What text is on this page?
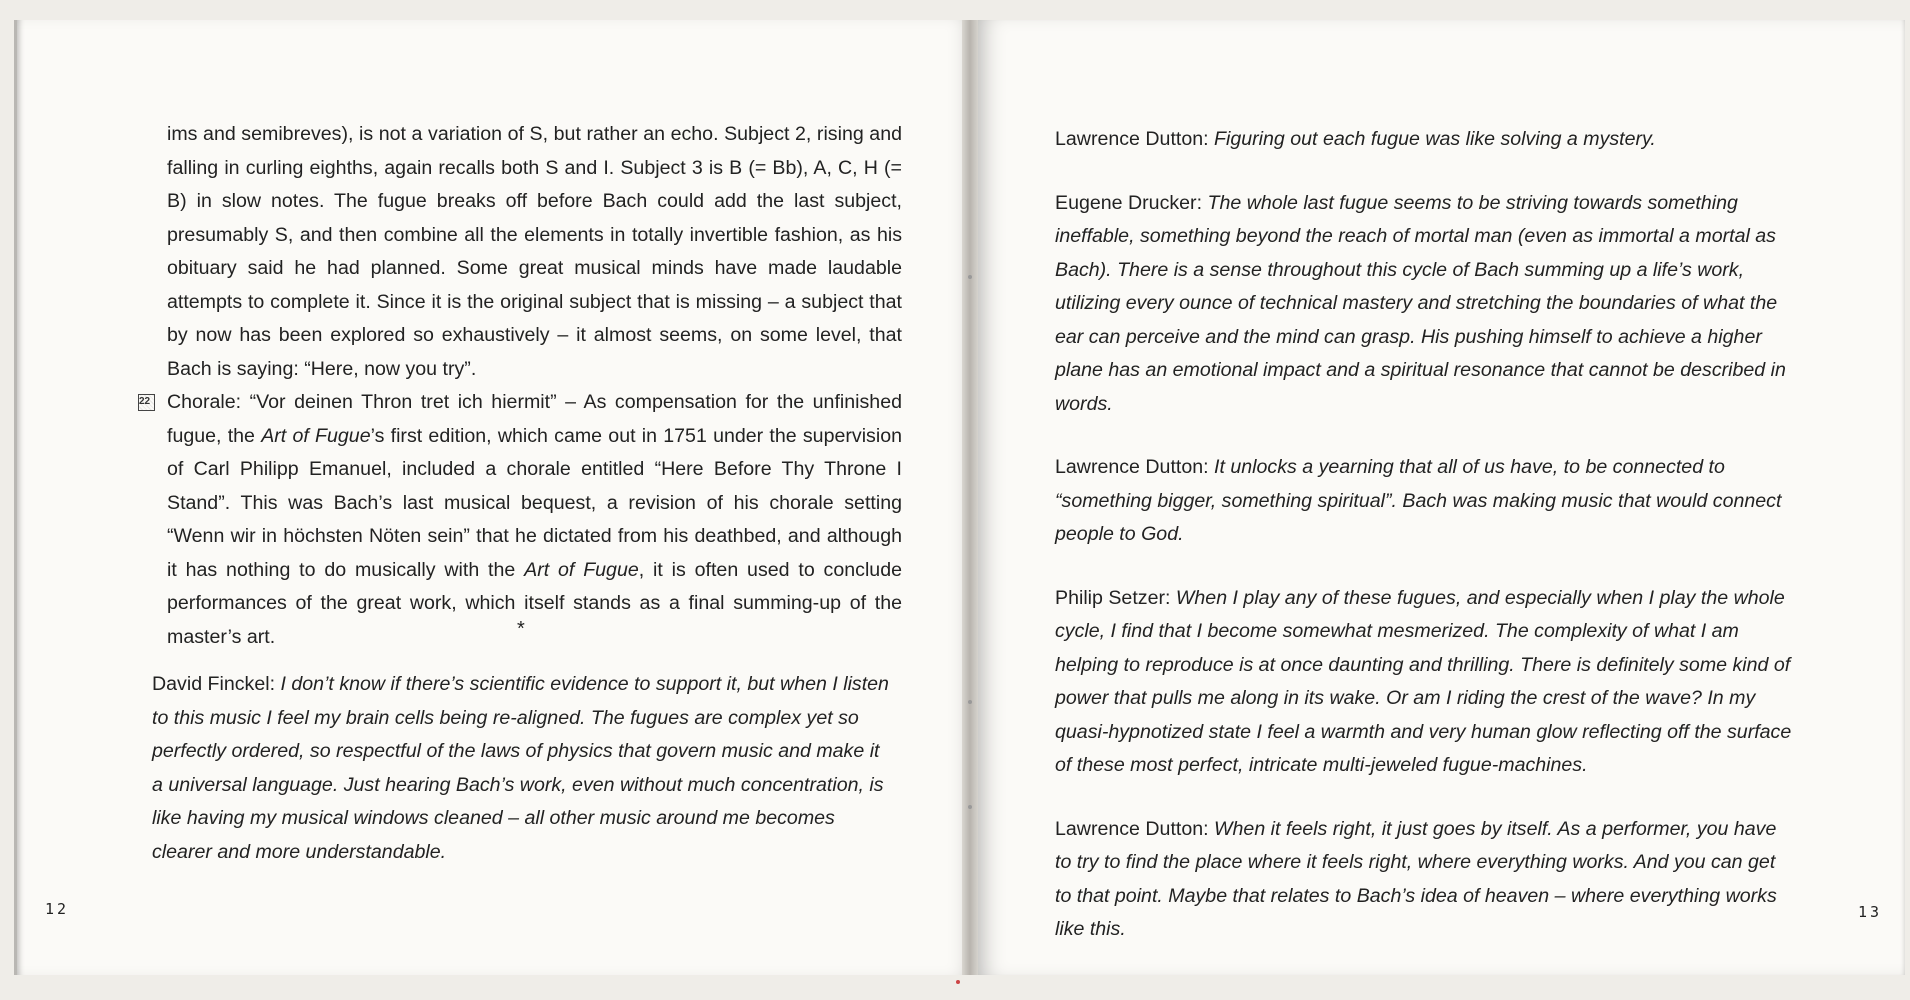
ims and semibreves), is not a variation of S, but rather an echo. Subject 2, rising and falling in curling eighths, again recalls both S and I. Subject 3 is B (= Bb), A, C, H (= B) in slow notes. The fugue breaks off before Bach could add the last subject, presumably S, and then combine all the elements in totally invertible fashion, as his obituary said he had planned. Some great musical minds have made laudable attempts to complete it. Since it is the original subject that is missing – a subject that by now has been explored so exhaustively – it almost seems, on some level, that Bach is saying: “Here, now you try”.

22 Chorale: “Vor deinen Thron tret ich hiermit” – As compensation for the unfinished fugue, the Art of Fugue’s first edition, which came out in 1751 under the supervision of Carl Philipp Emanuel, included a chorale entitled “Here Before Thy Throne I Stand”. This was Bach’s last musical bequest, a revision of his chorale setting “Wenn wir in höchsten Nöten sein” that he dictated from his deathbed, and although it has nothing to do musically with the Art of Fugue, it is often used to conclude performances of the great work, which itself stands as a final summing-up of the master’s art.	*

David Finckel: I don’t know if there’s scientific evidence to support it, but when I listen to this music I feel my brain cells being re-aligned. The fugues are complex yet so perfectly ordered, so respectful of the laws of physics that govern music and make it a universal language. Just hearing Bach’s work, even without much concentration, is like having my musical windows cleaned – all other music around me becomes clearer and more understandable.

12

Lawrence Dutton: Figuring out each fugue was like solving a mystery.

Eugene Drucker: The whole last fugue seems to be striving towards something ineffable, something beyond the reach of mortal man (even as immortal a mortal as Bach). There is a sense throughout this cycle of Bach summing up a life’s work, utilizing every ounce of technical mastery and stretching the boundaries of what the ear can perceive and the mind can grasp. His pushing himself to achieve a higher plane has an emotional impact and a spiritual resonance that cannot be described in words.

Lawrence Dutton: It unlocks a yearning that all of us have, to be connected to “something bigger, something spiritual”. Bach was making music that would connect people to God.

Philip Setzer: When I play any of these fugues, and especially when I play the whole cycle, I find that I become somewhat mesmerized. The complexity of what I am helping to reproduce is at once daunting and thrilling. There is definitely some kind of power that pulls me along in its wake. Or am I riding the crest of the wave? In my quasi-hypnotized state I feel a warmth and very human glow reflecting off the surface of these most perfect, intricate multi-jeweled fugue-machines.

Lawrence Dutton: When it feels right, it just goes by itself. As a performer, you have to try to find the place where it feels right, where everything works. And you can get to that point. Maybe that relates to Bach’s idea of heaven – where everything works like this.

13
